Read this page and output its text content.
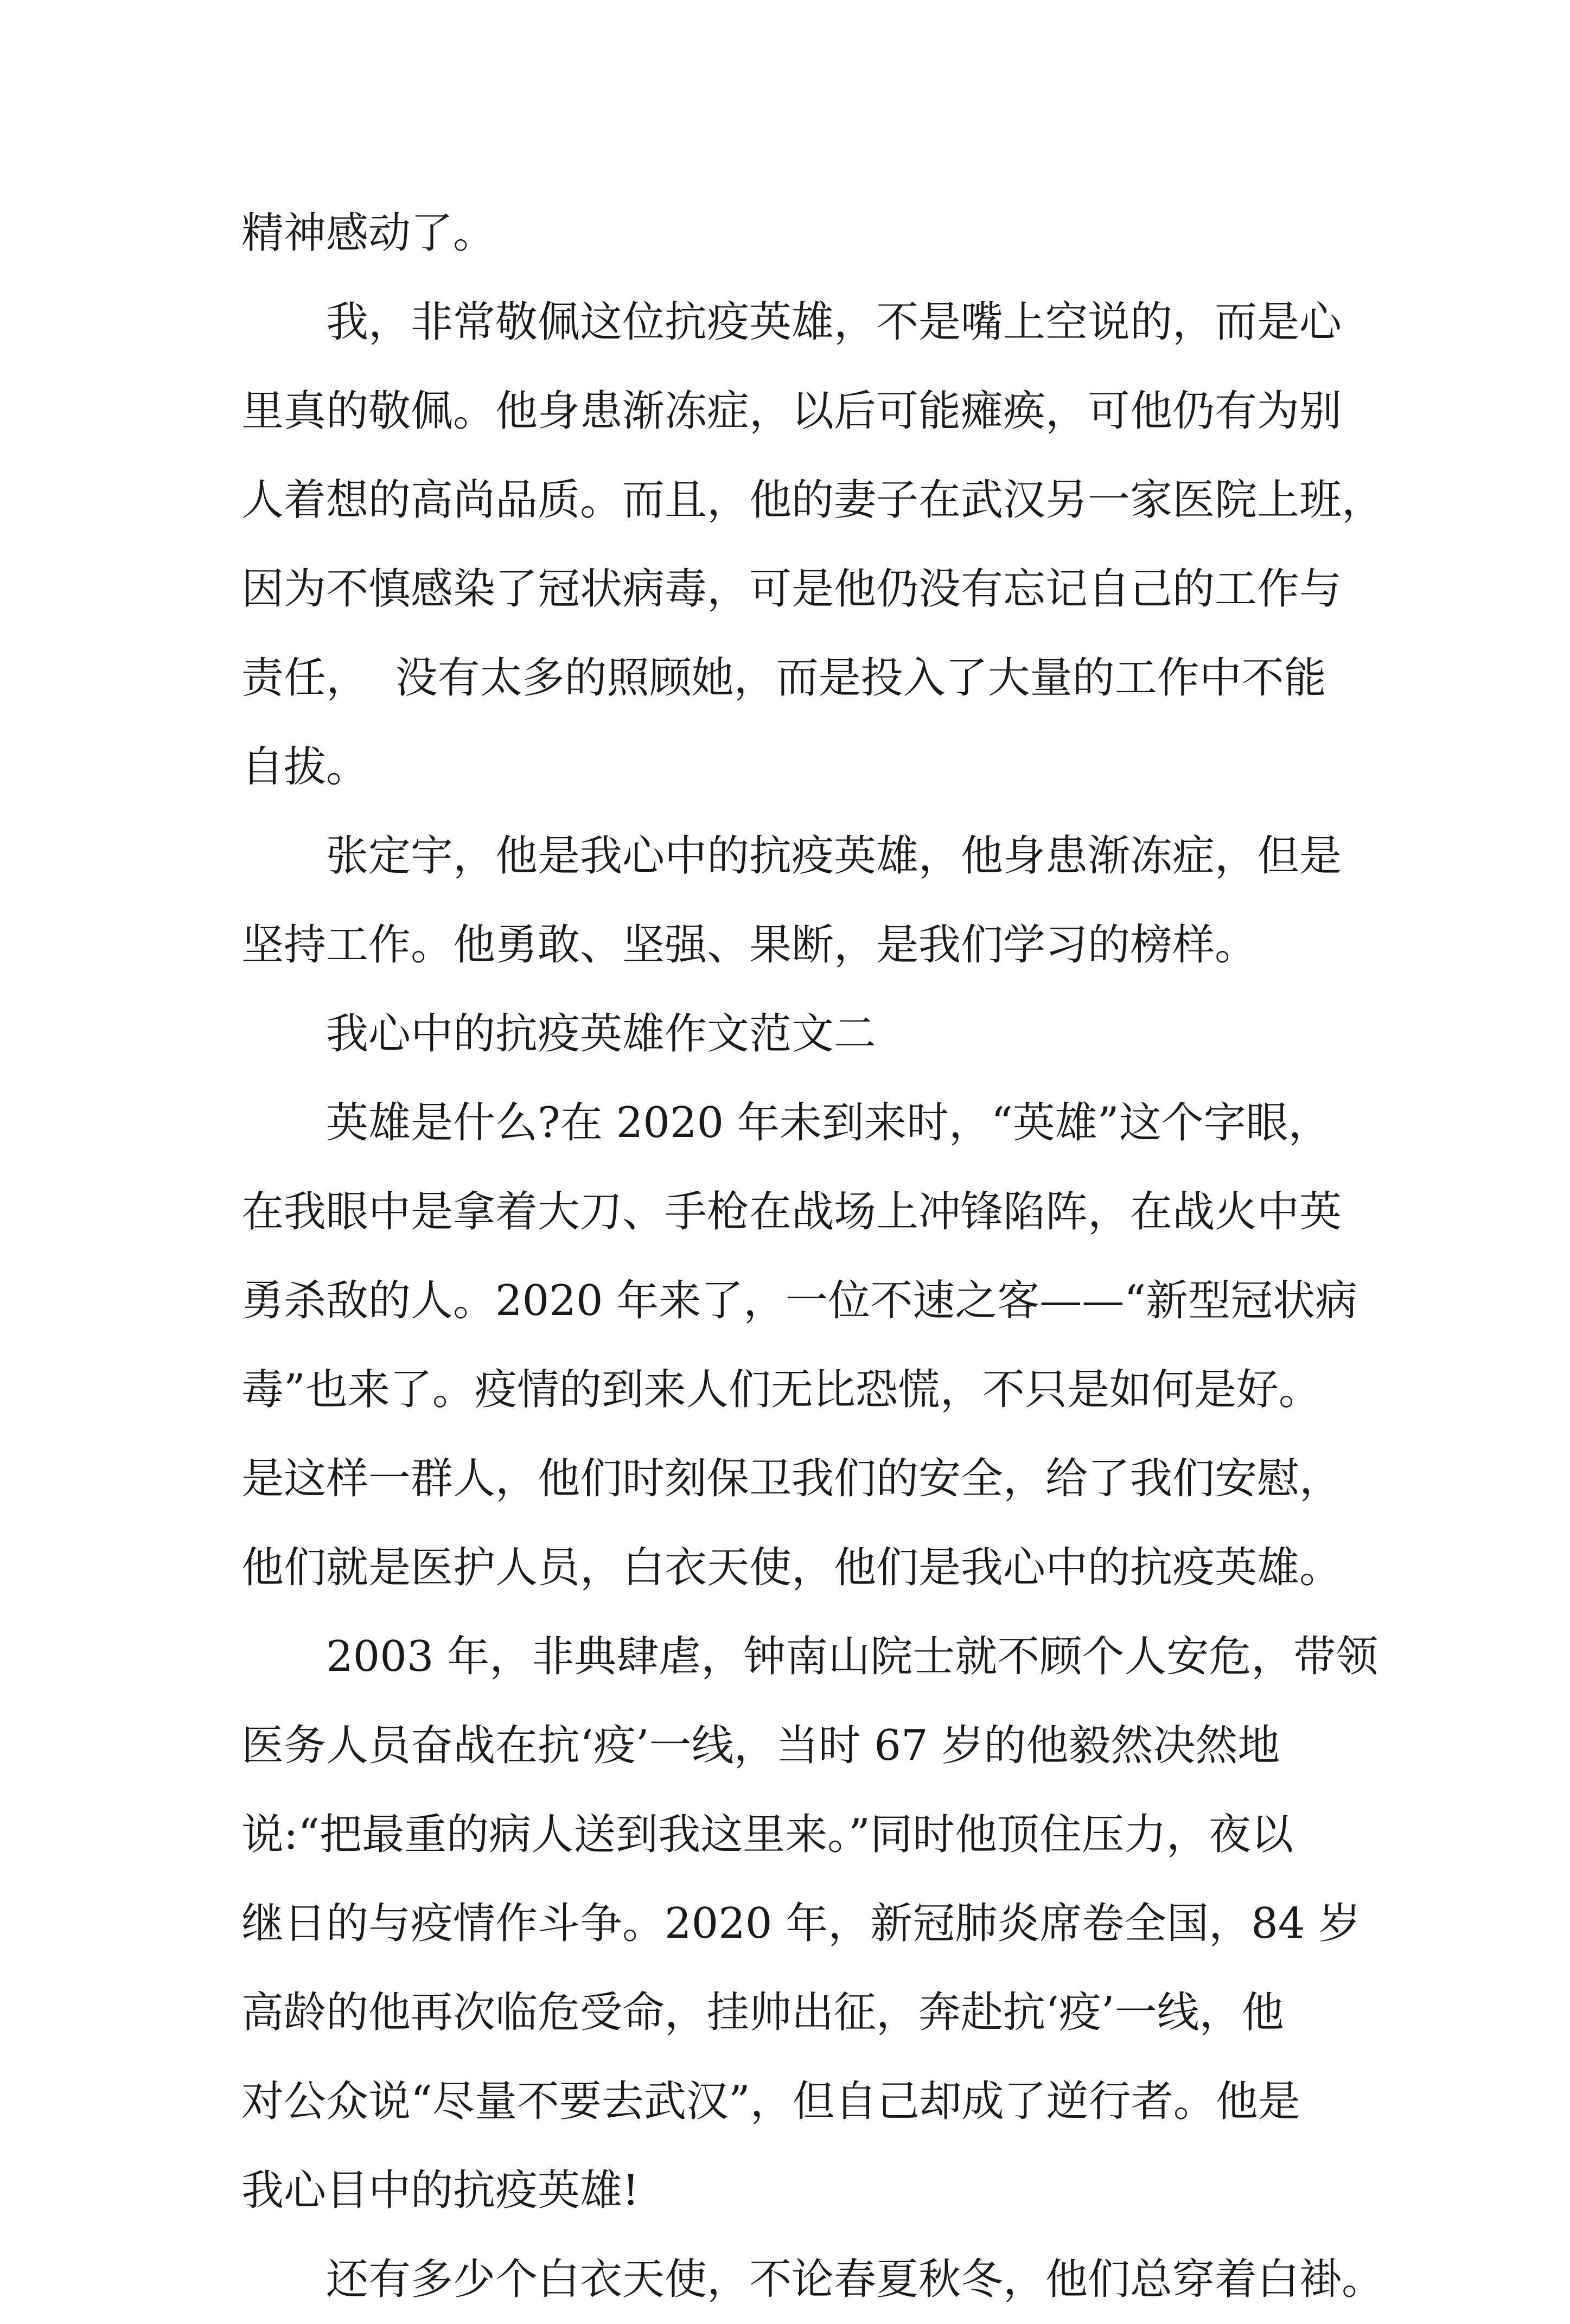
精神感动了。
我，非常敬佩这位抗疫英雄，不是嘴上空说的，而是心
里真的敬佩。他身患渐冻症，以后可能瘫痪，可他仍有为别
人着想的高尚品质。而且，他的妻子在武汉另一家医院上班，
因为不慎感染了冠状病毒，可是他仍没有忘记自己的工作与
责任，  没有太多的照顾她，而是投入了大量的工作中不能
自拔。
张定宇，他是我心中的抗疫英雄，他身患渐冻症，但是
坚持工作。他勇敢、坚强、果断，是我们学习的榜样。
我心中的抗疫英雄作文范文二
英雄是什么?在 2020 年未到来时，“英雄”这个字眼，
在我眼中是拿着大刀、手枪在战场上冲锋陷阵，在战火中英
勇杀敌的人。2020 年来了，一位不速之客——“新型冠状病
毒”也来了。疫情的到来人们无比恐慌，不只是如何是好。
是这样一群人，他们时刻保卫我们的安全，给了我们安慰，
他们就是医护人员，白衣天使，他们是我心中的抗疫英雄。
2003 年，非典肆虐，钟南山院士就不顾个人安危，带领
医务人员奋战在抗‘疫’一线，当时 67 岁的他毅然决然地
说:“把最重的病人送到我这里来。”同时他顶住压力，夜以
继日的与疫情作斗争。2020 年，新冠肺炎席卷全国，84 岁
高龄的他再次临危受命，挂帅出征，奔赴抗‘疫’一线，他
对公众说“尽量不要去武汉”，但自己却成了逆行者。他是
我心目中的抗疫英雄!
还有多少个白衣天使，不论春夏秋冬，他们总穿着白褂。
